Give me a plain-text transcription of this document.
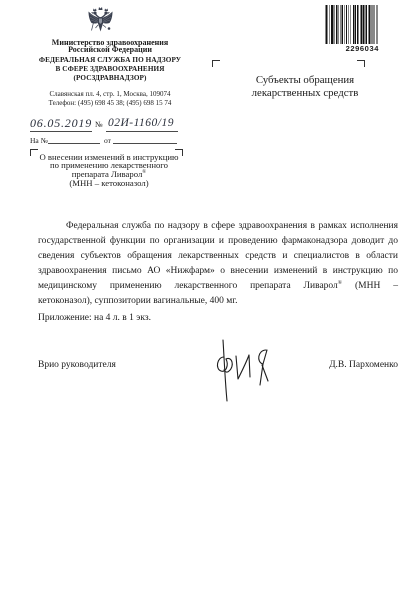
Министерство здравоохранения
Российской Федерации
ФЕДЕРАЛЬНАЯ СЛУЖБА ПО НАДЗОРУ
В СФЕРЕ ЗДРАВООХРАНЕНИЯ
(РОСЗДРАВНАДЗОР)
Славянская пл. 4, стр. 1, Москва, 109074
Телефон: (495) 698 45 38; (495) 698 15 74
06.05.2019 № 02И-1160/19
На №	от
О внесении изменений в инструкцию
по применению лекарственного
препарата Ливарол®
(МНН – кетоконазол)
2296034
Субъекты обращения
лекарственных средств
Федеральная служба по надзору в сфере здравоохранения в рамках исполнения
государственной функции по организации и проведению фармаконадзора доводит до
сведения субъектов обращения лекарственных средств и специалистов в области
здравоохранения письмо АО «Нижфарм» о внесении изменений в инструкцию по
медицинскому применению лекарственного препарата Ливарол® (МНН –
кетоконазол), суппозитории вагинальные, 400 мг.
Приложение: на 4 л. в 1 экз.
Врио руководителя	Д.В. Пархоменко
